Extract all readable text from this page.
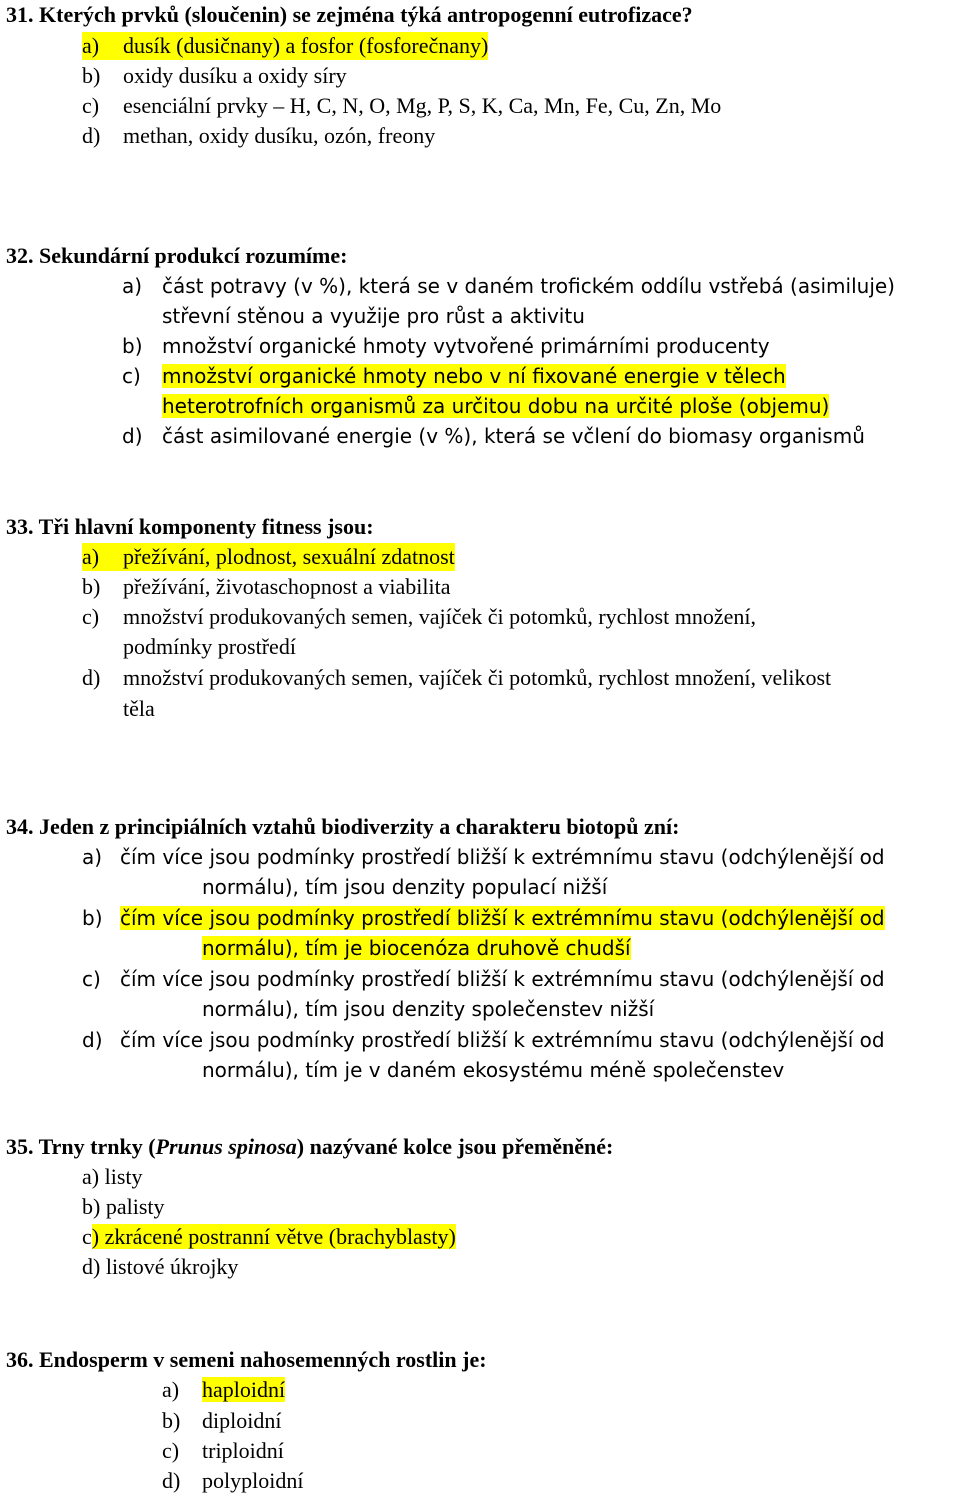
31. Kterých prvků (sloučenin) se zejména týká antropogenní eutrofizace?
a) dusík (dusičnany) a fosfor (fosforečnany)
b) oxidy dusíku a oxidy síry
c) esenciální prvky – H, C, N, O, Mg, P, S, K, Ca, Mn, Fe, Cu, Zn, Mo
d) methan, oxidy dusíku, ozón, freony
32. Sekundární produkcí rozumíme:
a) část potravy (v %), která se v daném trofickém oddílu vstřebá (asimiluje)
střevní stěnou a využije pro růst a aktivitu
b) množství organické hmoty vytvořené primárními producenty
c) množství organické hmoty nebo v ní fixované energie v tělech
heterotrofních organismů za určitou dobu na určité ploše (objemu)
d) část asimilované energie (v %), která se včlení do biomasy organismů
33. Tři hlavní komponenty fitness jsou:
a) přežívání, plodnost, sexuální zdatnost
b) přežívání, životaschopnost a viabilita
c) množství produkovaných semen, vajíček či potomků, rychlost množení,
podmínky prostředí
d) množství produkovaných semen, vajíček či potomků, rychlost množení, velikost
těla
34. Jeden z principiálních vztahů biodiverzity a charakteru biotopů zní:
a) čím více jsou podmínky prostředí bližší k extrémnímu stavu (odchýlenější od
normálu), tím jsou denzity populací nižší
b) čím více jsou podmínky prostředí bližší k extrémnímu stavu (odchýlenější od
normálu), tím je biocenóza druhově chudší
c) čím více jsou podmínky prostředí bližší k extrémnímu stavu (odchýlenější od
normálu), tím jsou denzity společenstev nižší
d) čím více jsou podmínky prostředí bližší k extrémnímu stavu (odchýlenější od
normálu), tím je v daném ekosystému méně společenstev
35. Trny trnky (Prunus spinosa) nazývané kolce jsou přeměněné:
a) listy
b) palisty
c) zkrácené postranní větve (brachyblasty)
d) listové úkrojky
36. Endosperm v semeni nahosemenných rostlin je:
a) haploidní
b) diploidní
c) triploidní
d) polyploidní
